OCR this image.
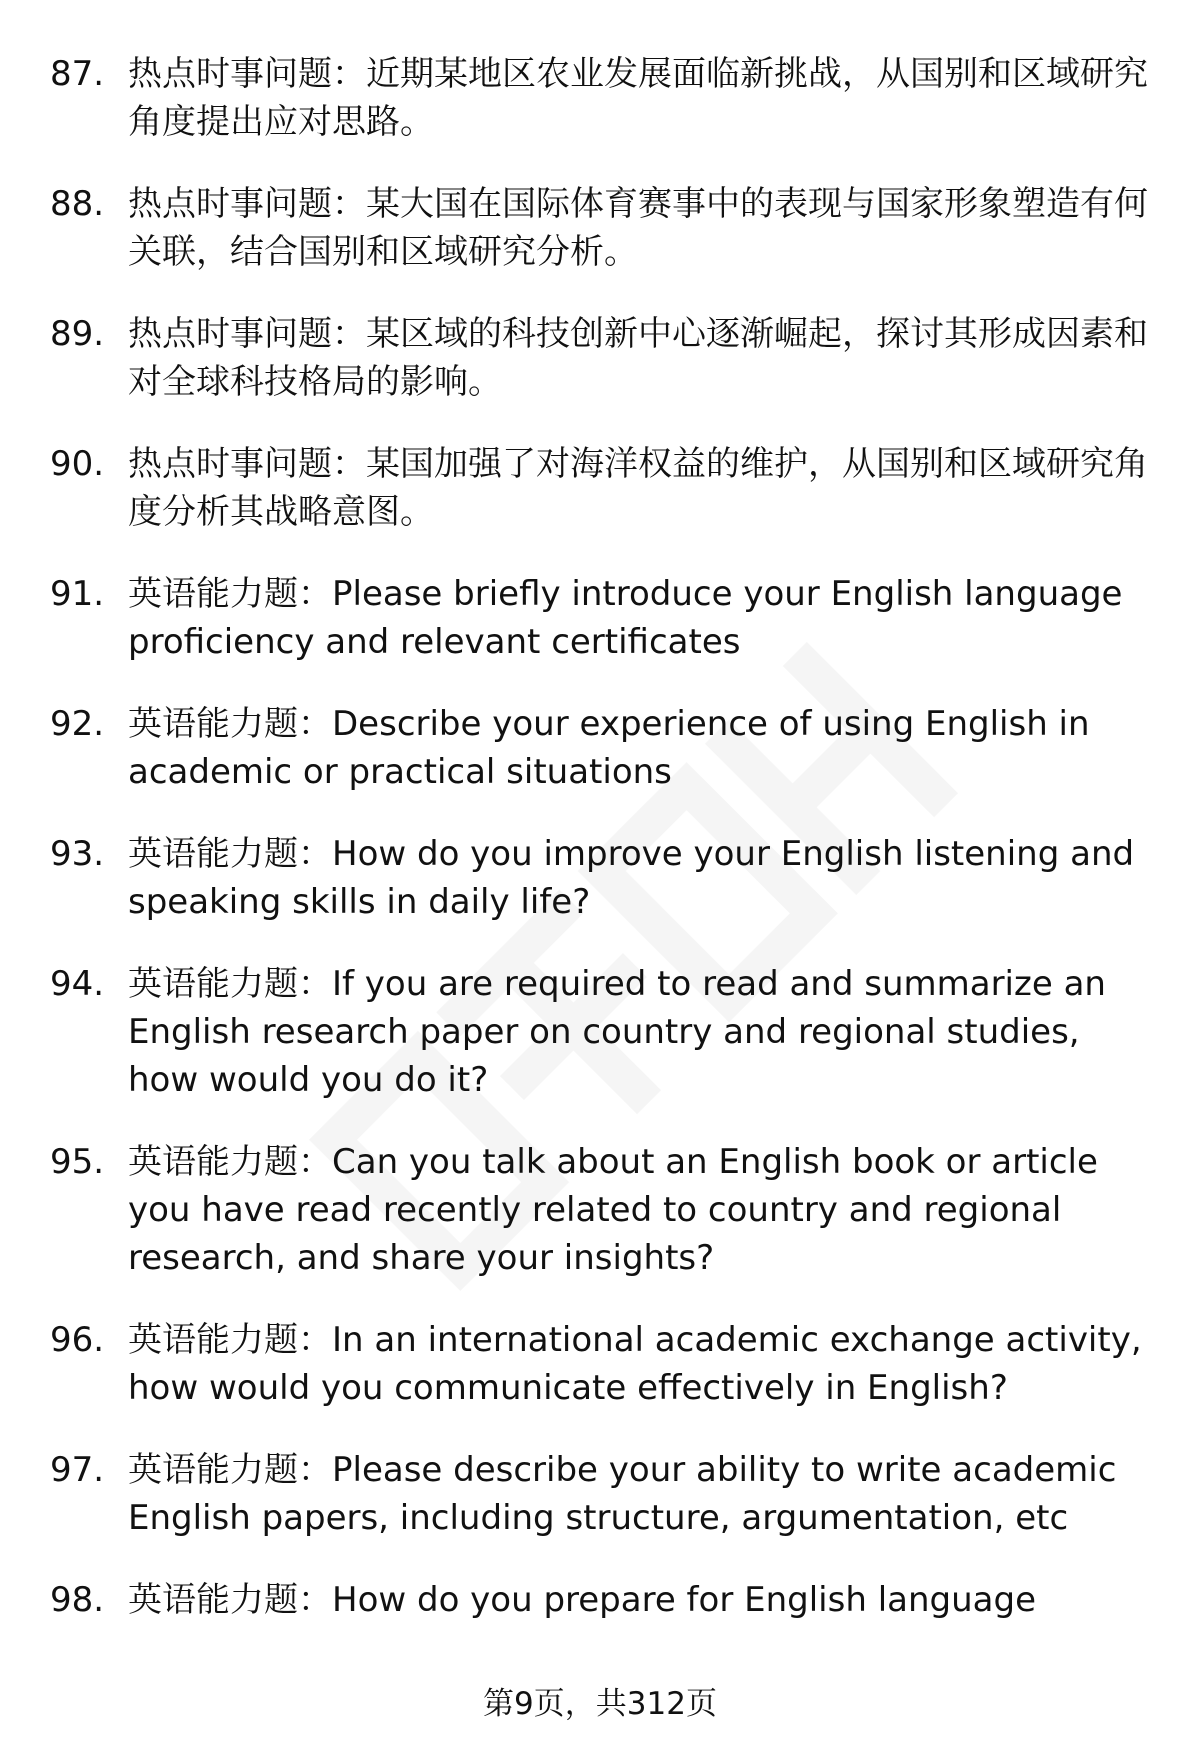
87. 热点时事问题：近期某地区农业发展面临新挑战，从国别和区域研究角度提出应对思路。
88. 热点时事问题：某大国在国际体育赛事中的表现与国家形象塑造有何关联，结合国别和区域研究分析。
89. 热点时事问题：某区域的科技创新中心逐渐崛起，探讨其形成因素和对全球科技格局的影响。
90. 热点时事问题：某国加强了对海洋权益的维护，从国别和区域研究角度分析其战略意图。
91. 英语能力题：Please briefly introduce your English language proficiency and relevant certificates
92. 英语能力题：Describe your experience of using English in academic or practical situations
93. 英语能力题：How do you improve your English listening and speaking skills in daily life?
94. 英语能力题：If you are required to read and summarize an English research paper on country and regional studies, how would you do it?
95. 英语能力题：Can you talk about an English book or article you have read recently related to country and regional research, and share your insights?
96. 英语能力题：In an international academic exchange activity, how would you communicate effectively in English?
97. 英语能力题：Please describe your ability to write academic English papers, including structure, argumentation, etc
98. 英语能力题：How do you prepare for English language
第9页，共312页
